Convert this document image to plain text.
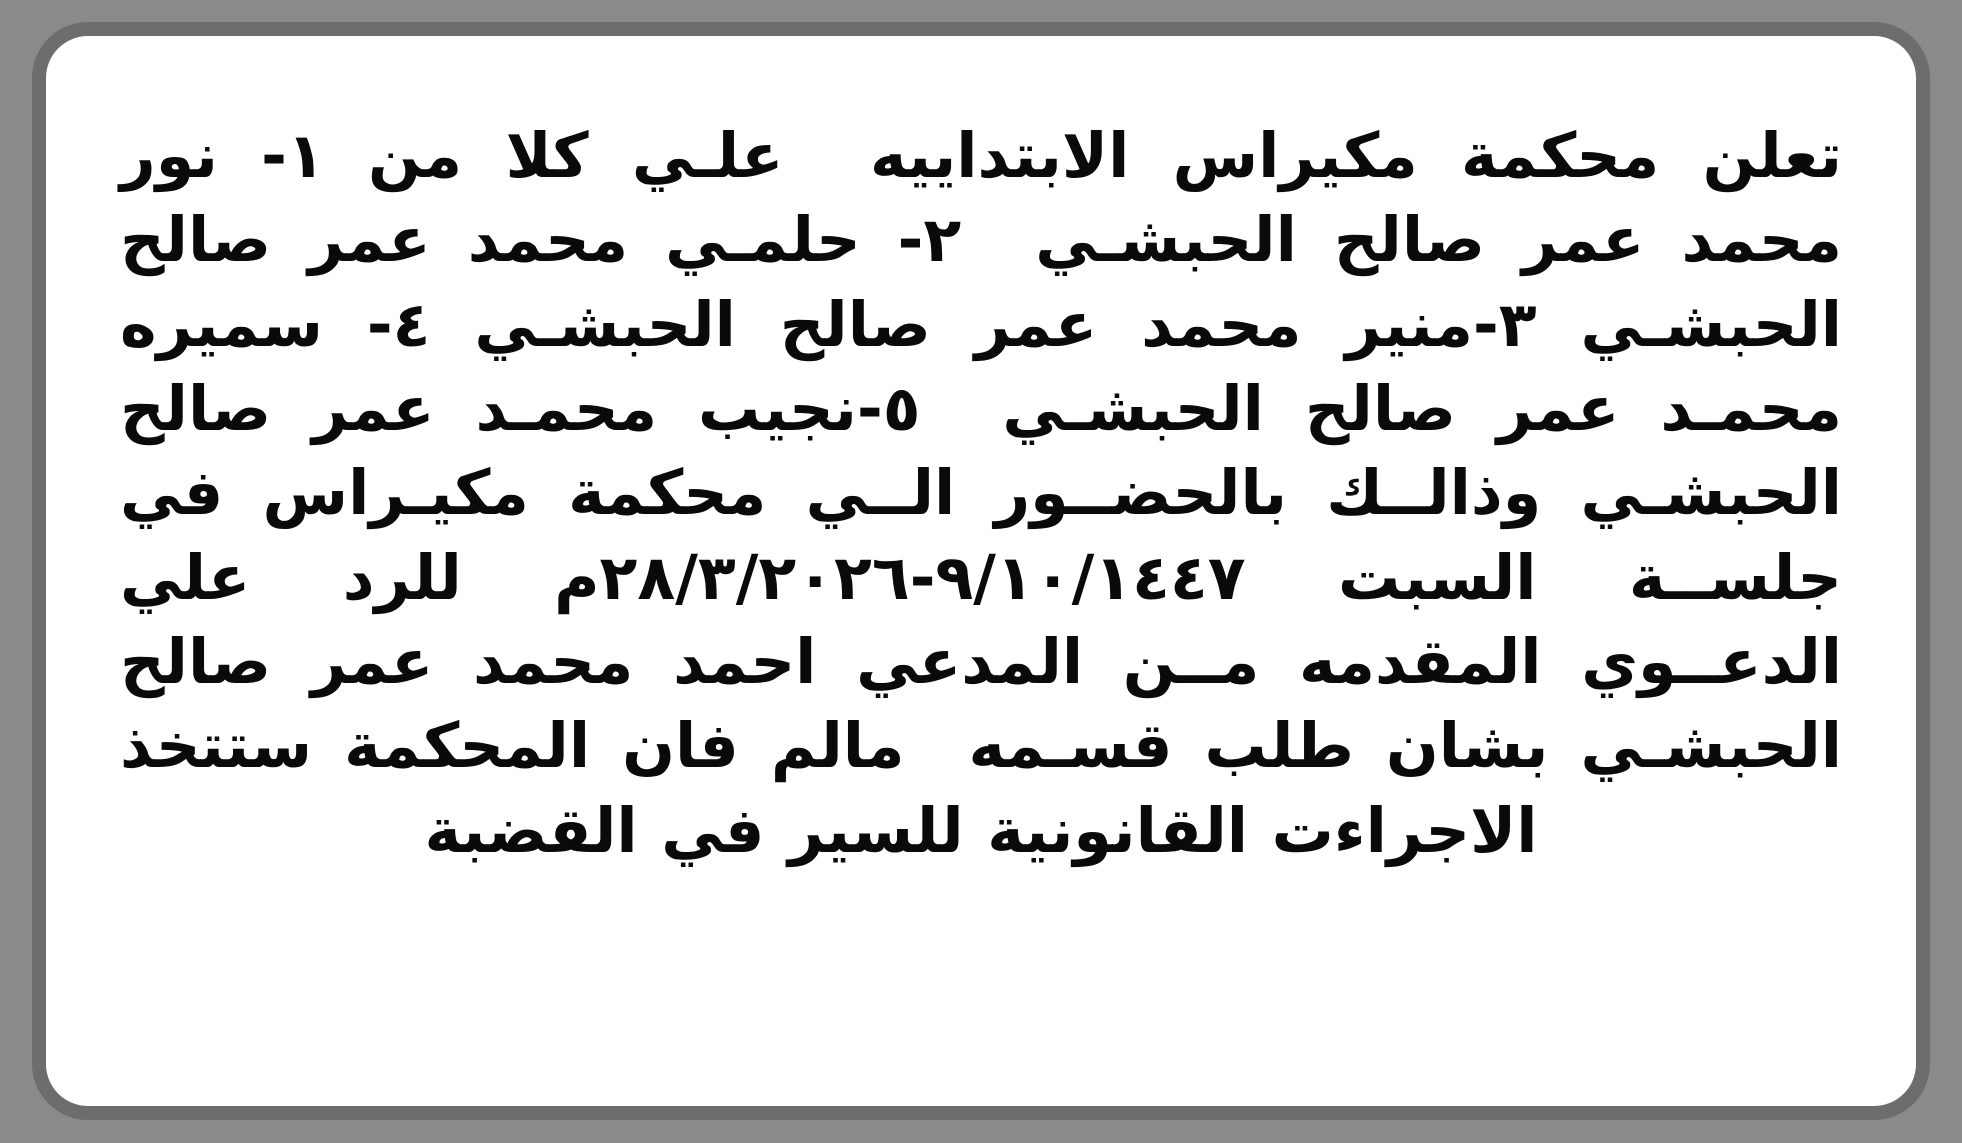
تعلن محكمة مكيراس الابتداييه  علـي كلا من ١- نور محمد عمر صالح الحبشـي  ٢- حلمـي محمد عمر صالح الحبشـي ٣-منير محمد عمر صالح الحبشـي ٤- سميره محمـد عمر صالح الحبشـي  ٥-نجيب محمـد عمر صالح الحبشـي وذالــك بالحضــور الــي محكمة مكيـراس في جلســة السبت ٩/١٠/١٤٤٧‏-٢٨/٣/٢٠٢٦م للرد علي الدعــوي المقدمه مــن المدعي احمد محمد عمر صالح الحبشـي بشان طلب قسـمه  مالم فان المحكمة ستتخذ الاجراءت القانونية للسير في القضبة
